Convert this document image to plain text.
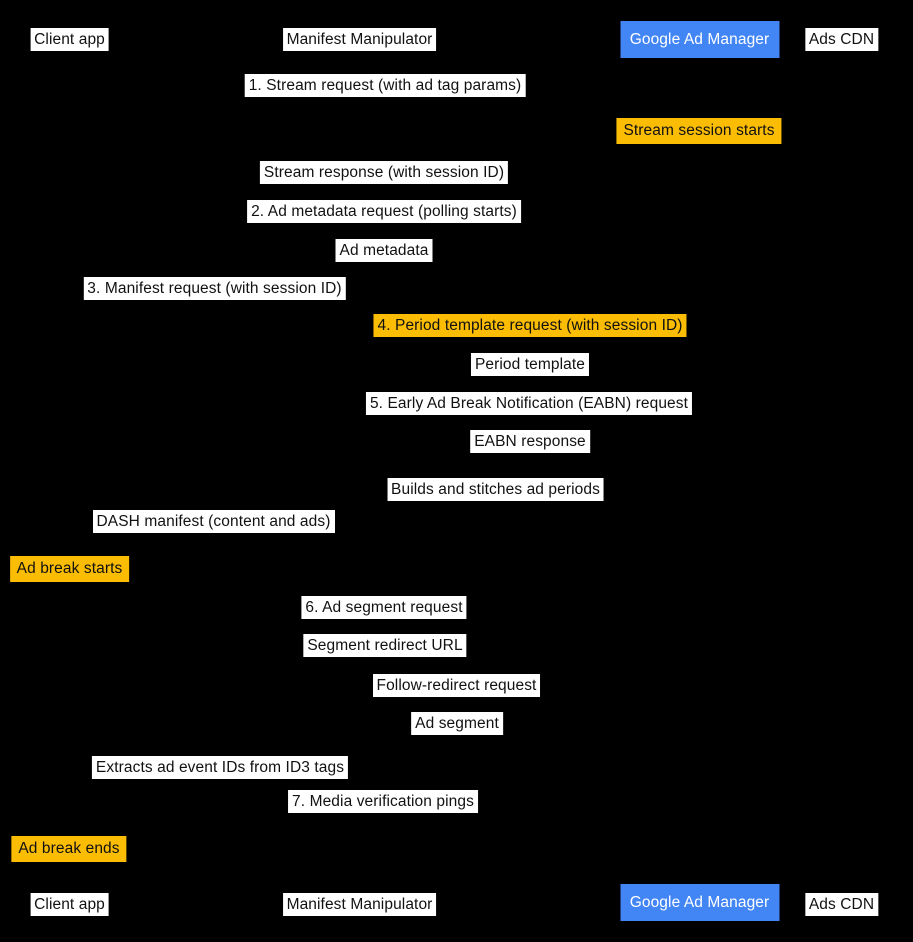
Client app	Manifest Manipulator	Google Ad Manager	Ads CDN
1. Stream request (with ad tag params)
Stream session starts
Stream response (with session ID)
2. Ad metadata request (polling starts)
Ad metadata
3. Manifest request (with session ID)
4. Period template request (with session ID)
Period template
5. Early Ad Break Notification (EABN) request
EABN response
Builds and stitches ad periods
DASH manifest (content and ads)
Ad break starts
6. Ad segment request
Segment redirect URL
Follow-redirect request
Ad segment
Extracts ad event IDs from ID3 tags
7. Media verification pings
Ad break ends
Client app	Manifest Manipulator	Google Ad Manager	Ads CDN
